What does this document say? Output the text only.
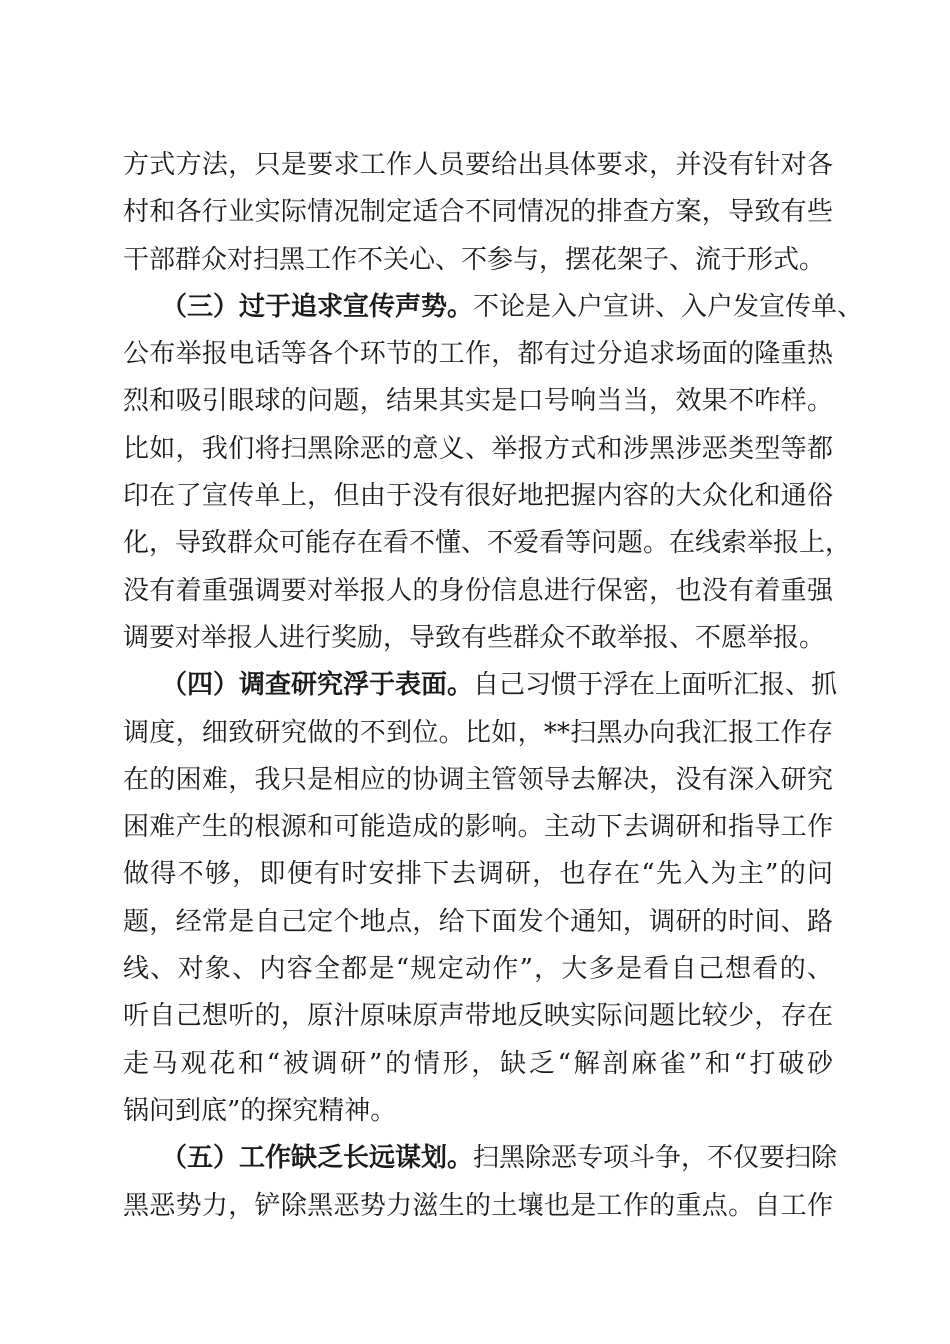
方式方法，只是要求工作人员要给出具体要求，并没有针对各
村和各行业实际情况制定适合不同情况的排查方案，导致有些
干部群众对扫黑工作不关心、不参与，摆花架子、流于形式。
（三）过于追求宣传声势。不论是入户宣讲、入户发宣传单、
公布举报电话等各个环节的工作，都有过分追求场面的隆重热
烈和吸引眼球的问题，结果其实是口号响当当，效果不咋样。
比如，我们将扫黑除恶的意义、举报方式和涉黑涉恶类型等都
印在了宣传单上，但由于没有很好地把握内容的大众化和通俗
化，导致群众可能存在看不懂、不爱看等问题。在线索举报上，
没有着重强调要对举报人的身份信息进行保密，也没有着重强
调要对举报人进行奖励，导致有些群众不敢举报、不愿举报。
（四）调查研究浮于表面。自己习惯于浮在上面听汇报、抓
调度，细致研究做的不到位。比如，**扫黑办向我汇报工作存
在的困难，我只是相应的协调主管领导去解决，没有深入研究
困难产生的根源和可能造成的影响。主动下去调研和指导工作
做得不够，即便有时安排下去调研，也存在“先入为主”的问
题，经常是自己定个地点，给下面发个通知，调研的时间、路
线、对象、内容全都是“规定动作”，大多是看自己想看的、
听自己想听的，原汁原味原声带地反映实际问题比较少，存在
走马观花和“被调研”的情形，缺乏“解剖麻雀”和“打破砂
锅问到底”的探究精神。
（五）工作缺乏长远谋划。扫黑除恶专项斗争，不仅要扫除
黑恶势力，铲除黑恶势力滋生的土壤也是工作的重点。自工作
